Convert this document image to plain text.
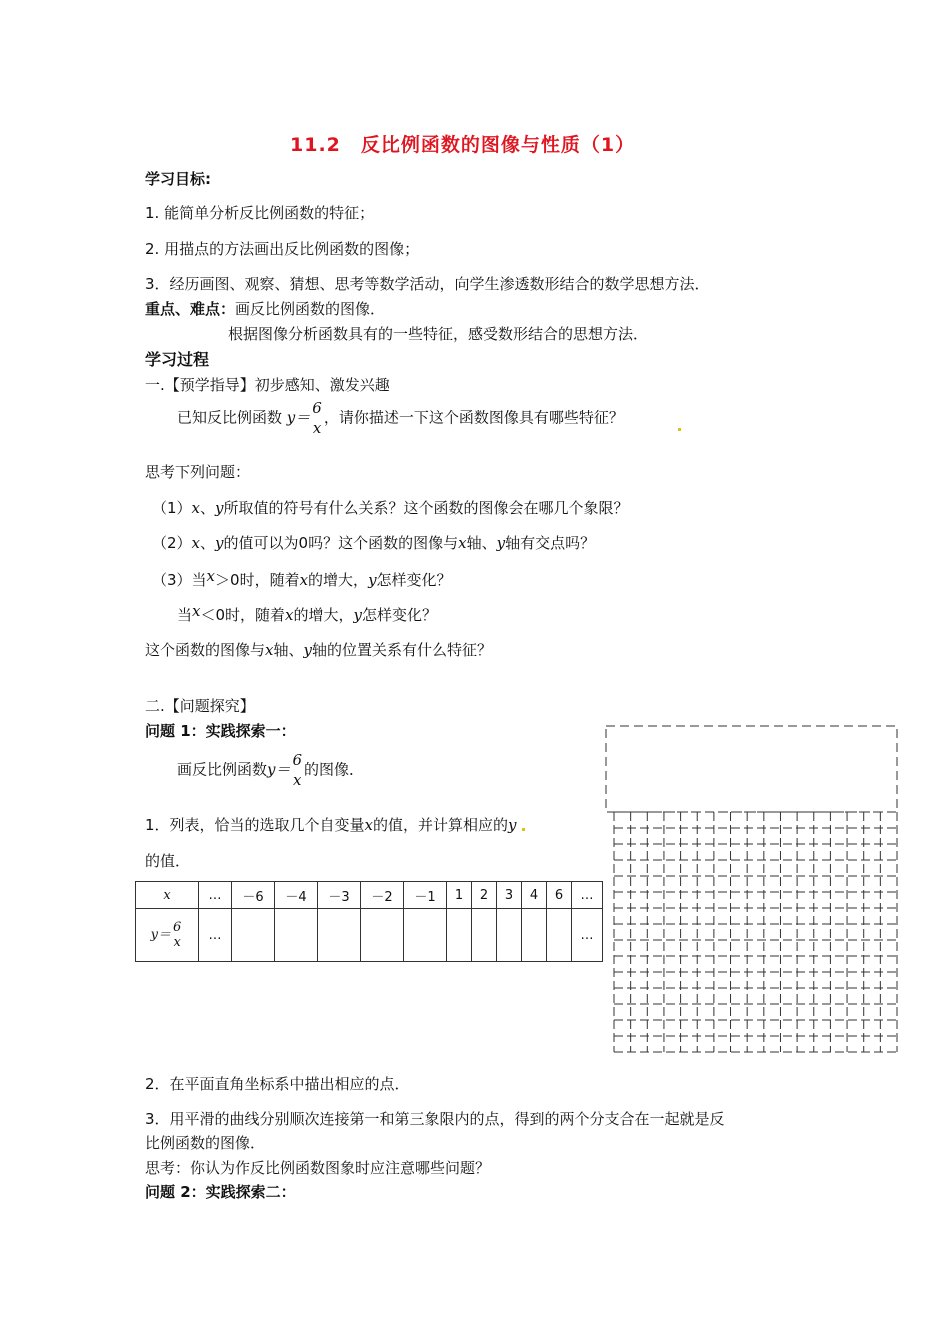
11.2　反比例函数的图像与性质（1）
学习目标:
1. 能简单分析反比例函数的特征；
2. 用描点的方法画出反比例函数的图像；
3．经历画图、观察、猜想、思考等数学活动，向学生渗透数形结合的数学思想方法．
重点、难点：画反比例函数的图像．
根据图像分析函数具有的一些特征，感受数形结合的思想方法．
学习过程
一.【预学指导】初步感知、激发兴趣
已知反比例函数 y＝
6
x
，请你描述一下这个函数图像具有哪些特征？
思考下列问题：
（1）x、y所取值的符号有什么关系？这个函数的图像会在哪几个象限？
（2）x、y的值可以为0吗？这个函数的图像与x轴、y轴有交点吗？
（3）当x＞0时，随着x的增大，y怎样变化？
当x＜0时，随着x的增大，y怎样变化？
这个函数的图像与x轴、y轴的位置关系有什么特征？
二.【问题探究】
问题 1：实践探索一：
画反比例函数y＝
6
x
的图像．
1．列表，恰当的选取几个自变量x的值，并计算相应的y
的值．
x	…	－6	－4	－3	－2	－1	1	2	3	4	6	…
y＝ 6
x	…											…
2．在平面直角坐标系中描出相应的点．
3．用平滑的曲线分别顺次连接第一和第三象限内的点，得到的两个分支合在一起就是反
比例函数的图像．
思考：你认为作反比例函数图象时应注意哪些问题？
问题 2：实践探索二：
